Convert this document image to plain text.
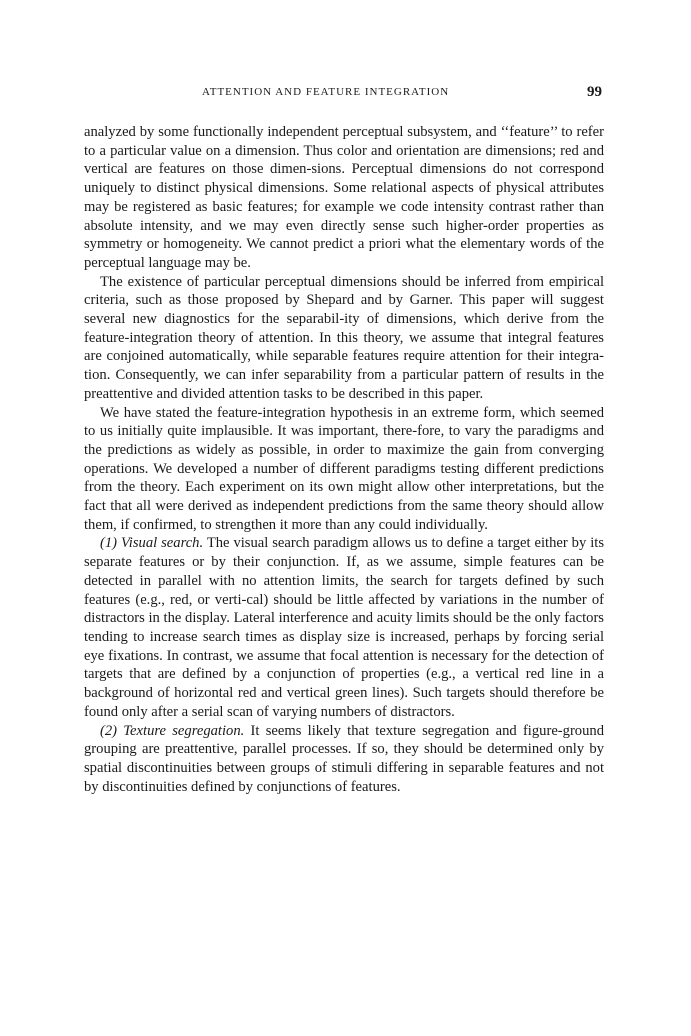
ATTENTION AND FEATURE INTEGRATION	99

analyzed by some functionally independent perceptual subsystem, and ‘‘feature’’ to refer to a particular value on a dimension. Thus color and orientation are dimensions; red and vertical are features on those dimen-sions. Perceptual dimensions do not correspond uniquely to distinct physical dimensions. Some relational aspects of physical attributes may be registered as basic features; for example we code intensity contrast rather than absolute intensity, and we may even directly sense such higher-order properties as symmetry or homogeneity. We cannot predict a priori what the elementary words of the perceptual language may be.

The existence of particular perceptual dimensions should be inferred from empirical criteria, such as those proposed by Shepard and by Garner. This paper will suggest several new diagnostics for the separabil-ity of dimensions, which derive from the feature-integration theory of attention. In this theory, we assume that integral features are conjoined automatically, while separable features require attention for their integra-tion. Consequently, we can infer separability from a particular pattern of results in the preattentive and divided attention tasks to be described in this paper.

We have stated the feature-integration hypothesis in an extreme form, which seemed to us initially quite implausible. It was important, there-fore, to vary the paradigms and the predictions as widely as possible, in order to maximize the gain from converging operations. We developed a number of different paradigms testing different predictions from the theory. Each experiment on its own might allow other interpretations, but the fact that all were derived as independent predictions from the same theory should allow them, if confirmed, to strengthen it more than any could individually.

(1) Visual search. The visual search paradigm allows us to define a target either by its separate features or by their conjunction. If, as we assume, simple features can be detected in parallel with no attention limits, the search for targets defined by such features (e.g., red, or verti-cal) should be little affected by variations in the number of distractors in the display. Lateral interference and acuity limits should be the only factors tending to increase search times as display size is increased, perhaps by forcing serial eye fixations. In contrast, we assume that focal attention is necessary for the detection of targets that are defined by a conjunction of properties (e.g., a vertical red line in a background of horizontal red and vertical green lines). Such targets should therefore be found only after a serial scan of varying numbers of distractors.

(2) Texture segregation. It seems likely that texture segregation and figure-ground grouping are preattentive, parallel processes. If so, they should be determined only by spatial discontinuities between groups of stimuli differing in separable features and not by discontinuities defined by conjunctions of features.
